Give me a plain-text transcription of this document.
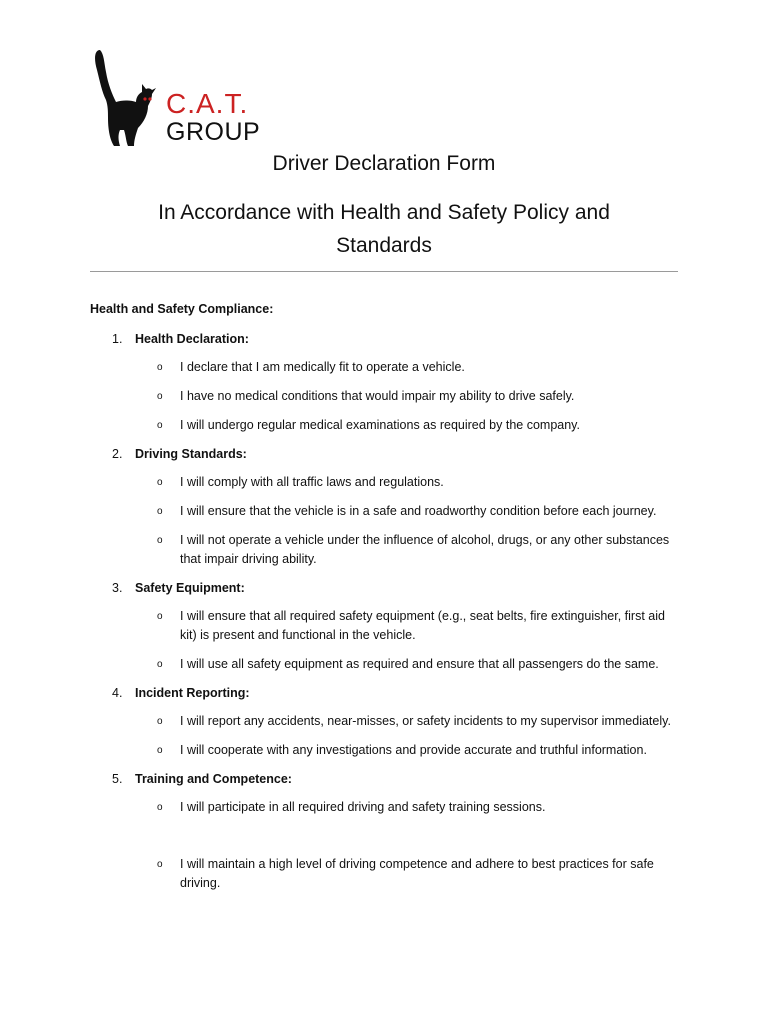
C.A.T.
GROUP
Driver Declaration Form
In Accordance with Health and Safety Policy and Standards
Health and Safety Compliance:
1. Health Declaration:
o I declare that I am medically fit to operate a vehicle.
o I have no medical conditions that would impair my ability to drive safely.
o I will undergo regular medical examinations as required by the company.
2. Driving Standards:
o I will comply with all traffic laws and regulations.
o I will ensure that the vehicle is in a safe and roadworthy condition before each journey.
o I will not operate a vehicle under the influence of alcohol, drugs, or any other substances that impair driving ability.
3. Safety Equipment:
o I will ensure that all required safety equipment (e.g., seat belts, fire extinguisher, first aid kit) is present and functional in the vehicle.
o I will use all safety equipment as required and ensure that all passengers do the same.
4. Incident Reporting:
o I will report any accidents, near-misses, or safety incidents to my supervisor immediately.
o I will cooperate with any investigations and provide accurate and truthful information.
5. Training and Competence:
o I will participate in all required driving and safety training sessions.
o I will maintain a high level of driving competence and adhere to best practices for safe driving.
